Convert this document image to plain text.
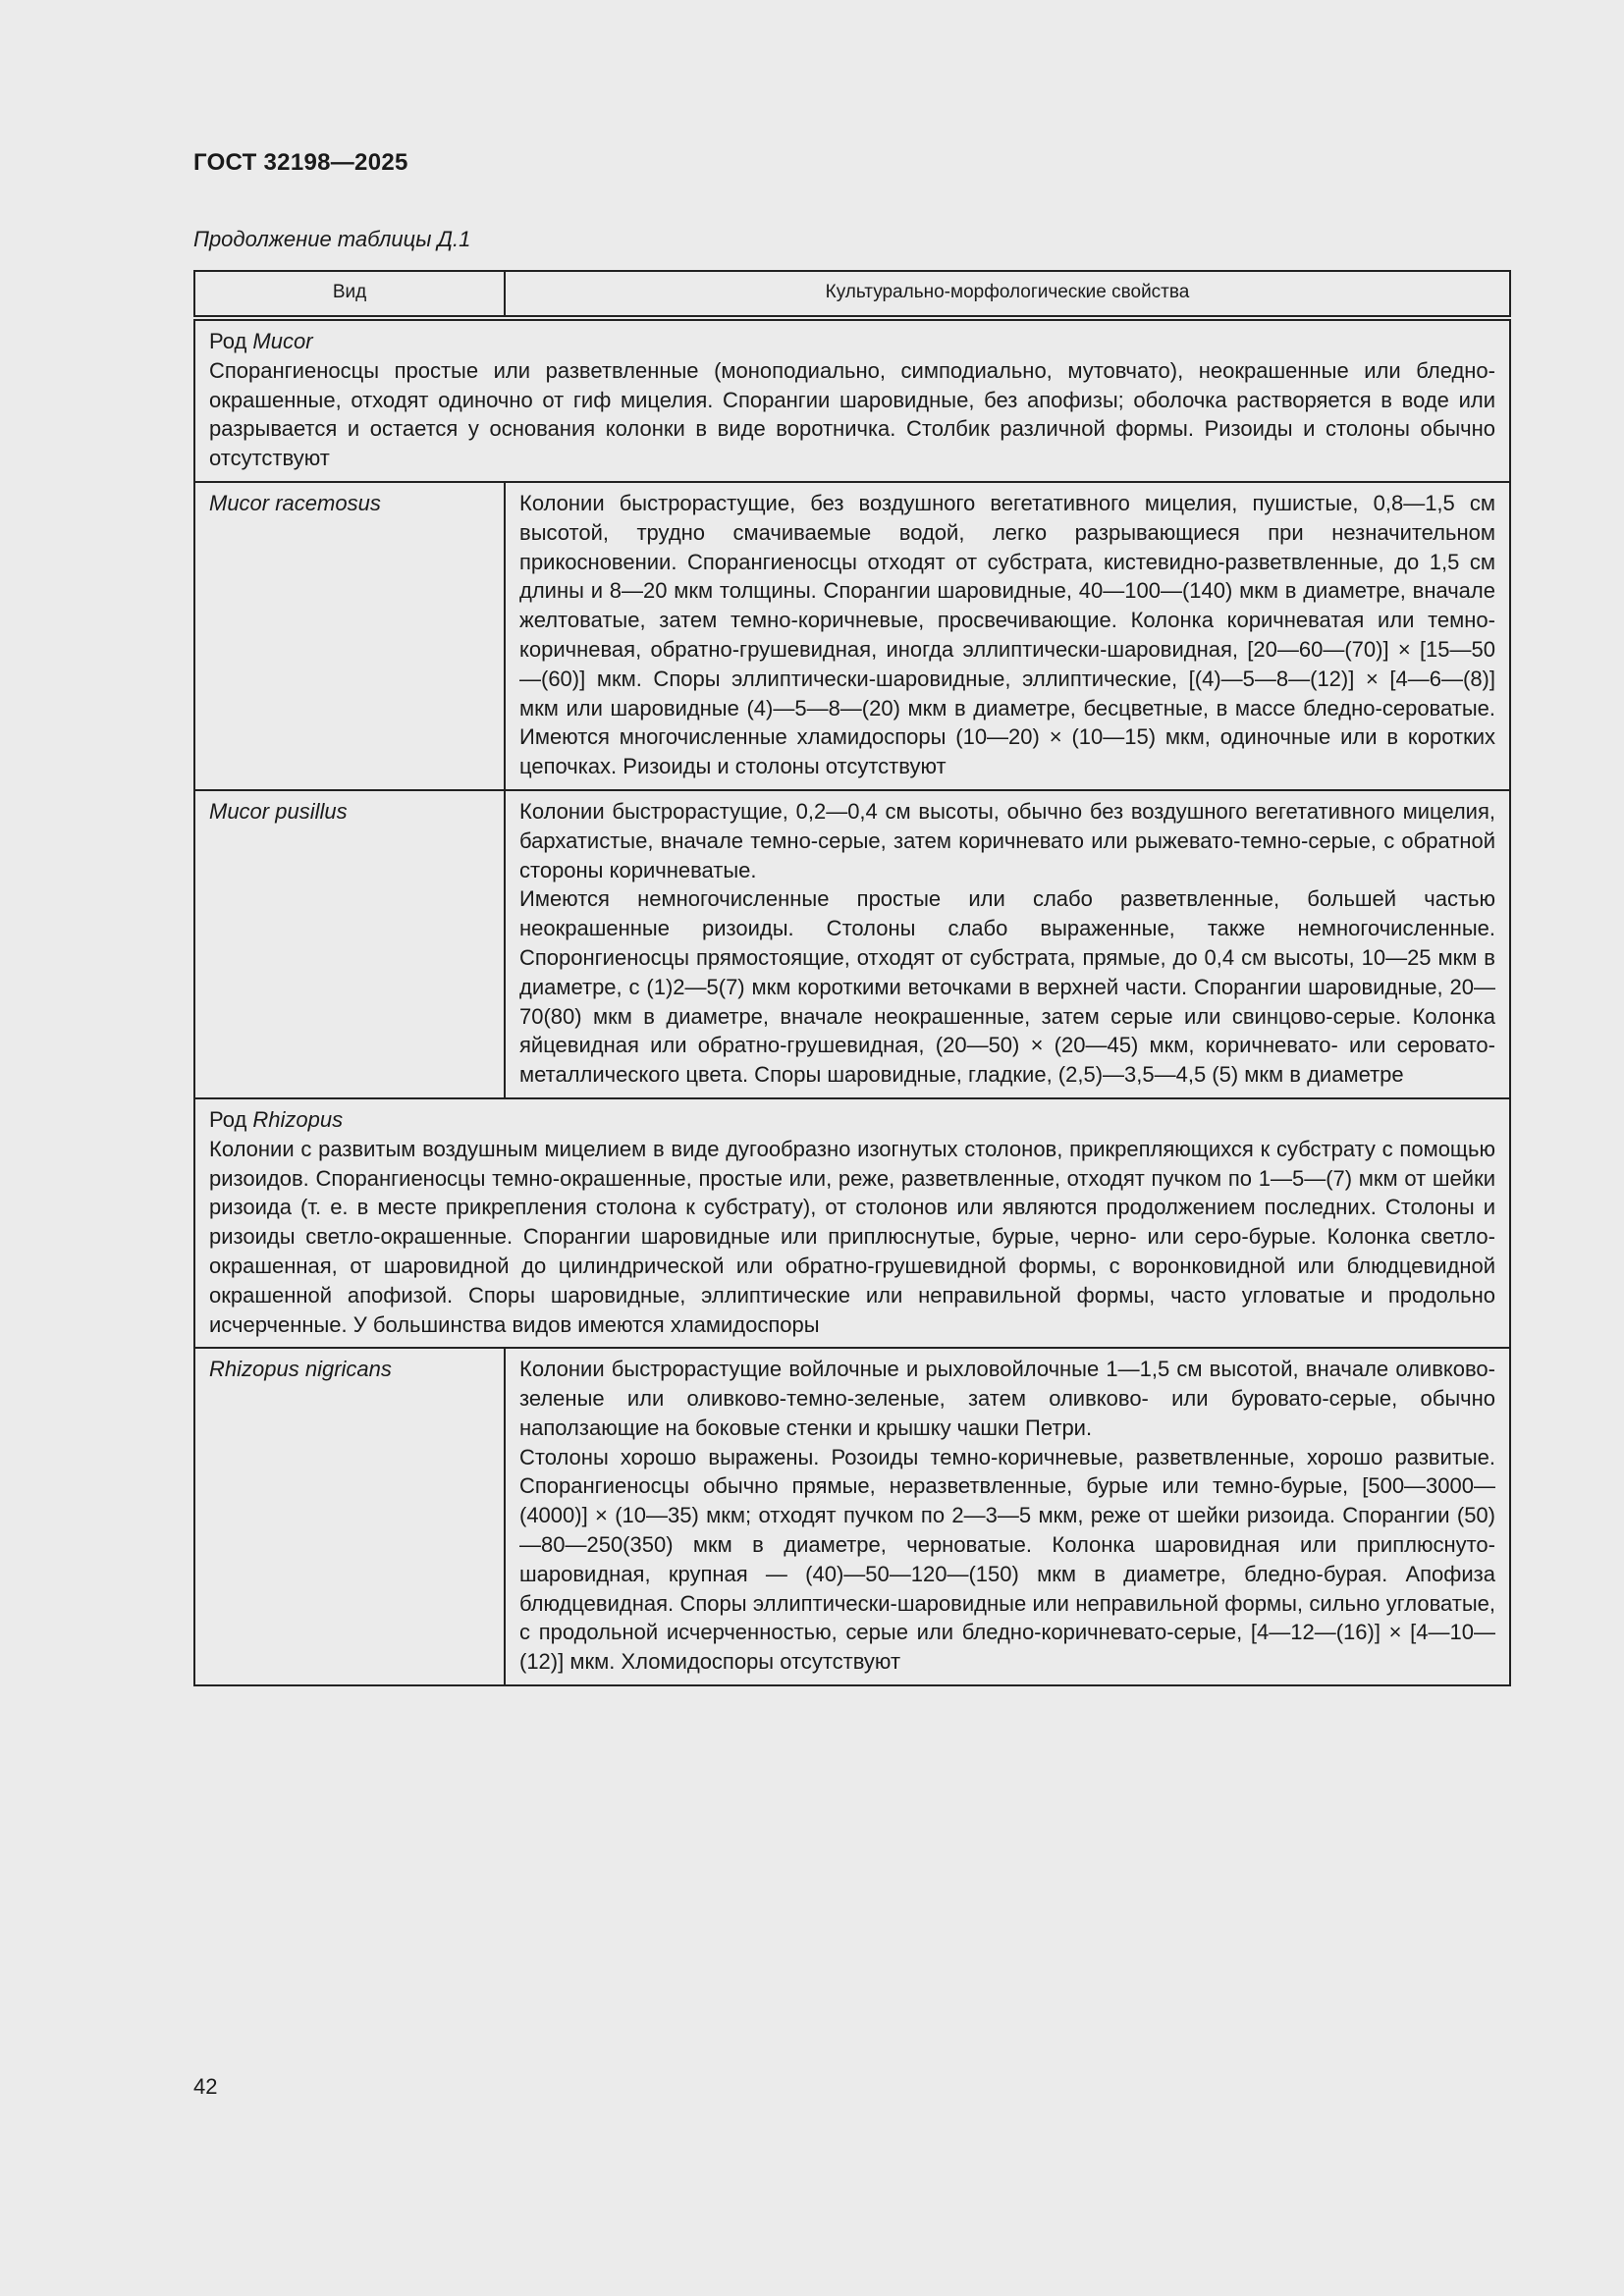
ГОСТ 32198—2025
Продолжение таблицы Д.1
Вид	Культурально-морфологические свойства

Род Mucor
Спорангиеносцы простые или разветвленные (моноподиально, симподиально, мутовчато), неокрашенные или бледно-окрашенные, отходят одиночно от гиф мицелия. Спорангии шаровидные, без апофизы; оболочка растворяется в воде или разрывается и остается у основания колонки в виде воротничка. Столбик различной формы. Ризоиды и столоны обычно отсутствуют	

Mucor racemosus	Колонии быстрорастущие, без воздушного вегетативного мицелия, пушистые, 0,8—1,5 см высотой, трудно смачиваемые водой, легко разрывающиеся при незначительном прикосновении. Спорангиеносцы отходят от субстрата, кистевидно-разветвленные, до 1,5 см длины и 8—20 мкм толщины. Спорангии шаровидные, 40—100—(140) мкм в диаметре, вначале желтоватые, затем темно-коричневые, просвечивающие. Колонка коричневатая или темно-коричневая, обратно-грушевидная, иногда эллиптически-шаровидная, [20—60—(70)] × [15—50—(60)] мкм. Споры эллиптически-шаровидные, эллиптические, [(4)—5—8—(12)] × [4—6—(8)] мкм или шаровидные (4)—5—8—(20) мкм в диаметре, бесцветные, в массе бледно-сероватые. Имеются многочисленные хламидоспоры (10—20) × (10—15) мкм, одиночные или в коротких цепочках. Ризоиды и столоны отсутствуют
Mucor pusillus	Колонии быстрорастущие, 0,2—0,4 см высоты, обычно без воздушного вегетативного мицелия, бархатистые, вначале темно-серые, затем коричневато или рыжевато-темно-серые, с обратной стороны коричневатые.
Имеются немногочисленные простые или слабо разветвленные, большей частью неокрашенные ризоиды. Столоны слабо выраженные, также немногочисленные. Споронгиеносцы прямостоящие, отходят от субстрата, прямые, до 0,4 см высоты, 10—25 мкм в диаметре, с (1)2—5(7) мкм короткими веточками в верхней части. Спорангии шаровидные, 20—70(80) мкм в диаметре, вначале неокрашенные, затем серые или свинцово-серые. Колонка яйцевидная или обратно-грушевидная, (20—50) × (20—45) мкм, коричневато- или серовато-металлического цвета. Споры шаровидные, гладкие, (2,5)—3,5—4,5 (5) мкм в диаметре

Род Rhizopus
Колонии с развитым воздушным мицелием в виде дугообразно изогнутых столонов, прикрепляющихся к субстрату с помощью ризоидов. Спорангиеносцы темно-окрашенные, простые или, реже, разветвленные, отходят пучком по 1—5—(7) мкм от шейки ризоида (т. е. в месте прикрепления столона к субстрату), от столонов или являются продолжением последних. Столоны и ризоиды светло-окрашенные. Спорангии шаровидные или приплюснутые, бурые, черно- или серо-бурые. Колонка светло-окрашенная, от шаровидной до цилиндрической или обратно-грушевидной формы, с воронковидной или блюдцевидной окрашенной апофизой. Споры шаровидные, эллиптические или неправильной формы, часто угловатые и продольно исчерченные. У большинства видов имеются хламидоспоры	

Rhizopus nigricans	Колонии быстрорастущие войлочные и рыхловойлочные 1—1,5 см высотой, вначале оливково-зеленые или оливково-темно-зеленые, затем оливково- или буровато-серые, обычно наползающие на боковые стенки и крышку чашки Петри.
Столоны хорошо выражены. Розоиды темно-коричневые, разветвленные, хорошо развитые. Спорангиеносцы обычно прямые, неразветвленные, бурые или темно-бурые, [500—3000—(4000)] × (10—35) мкм; отходят пучком по 2—3—5 мкм, реже от шейки ризоида. Спорангии (50)—80—250(350) мкм в диаметре, черноватые. Колонка шаровидная или приплюснуто-шаровидная, крупная — (40)—50—120—(150) мкм в диаметре, бледно-бурая. Апофиза блюдцевидная. Споры эллиптически-шаровидные или неправильной формы, сильно угловатые, с продольной исчерченностью, серые или бледно-коричневато-серые, [4—12—(16)] × [4—10—(12)] мкм. Хломидоспоры отсутствуют
42
